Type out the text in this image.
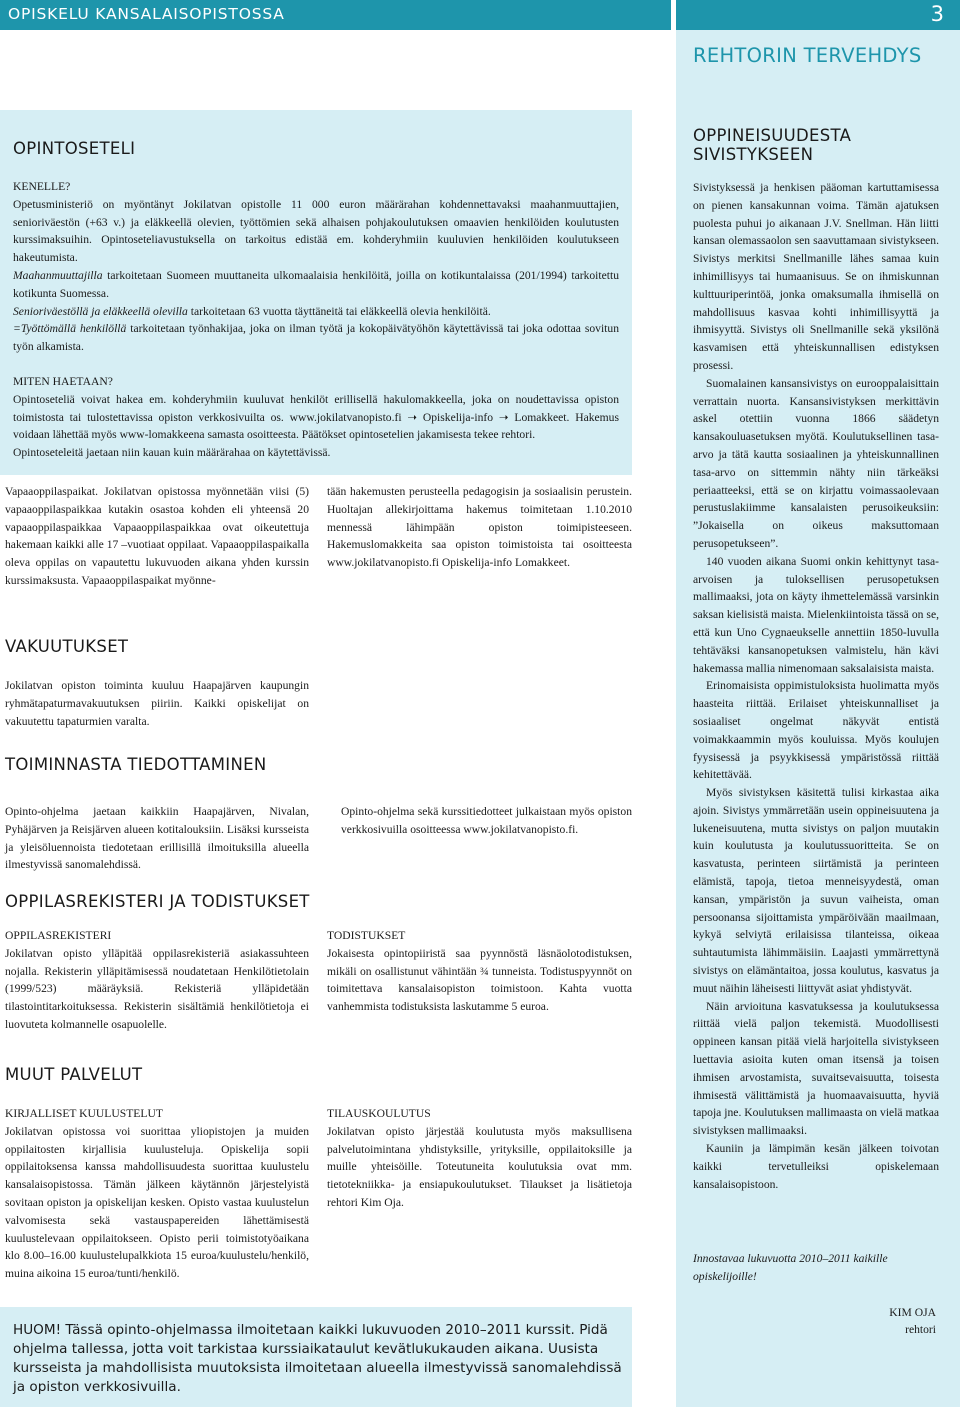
OPISKELU KANSALAISOPISTOSSA	3
REHTORIN TERVEHDYS
OPPINEISUUDESTA
SIVISTYKSEEN

Sivistyksessä ja henkisen pääoman kartuttamisessa on pienen kansakunnan voima. Tämän ajatuksen puolesta puhui jo aikanaan J.V. Snellman. Hän liitti kansan olemassaolon sen saavuttamaan sivistykseen. Sivistys merkitsi Snellmanille lähes samaa kuin inhimillisyys tai humaanisuus. Se on ihmiskunnan kulttuuriperintöä, jonka omaksumalla ihmisellä on mahdollisuus kasvaa kohti inhimillisyyttä ja ihmisyyttä. Sivistys oli Snellmanille sekä yksilönä kasvamisen että yhteiskunnallisen edistyksen prosessi.

Suomalainen kansansivistys on eurooppalaisittain verrattain nuorta. Kansansivistyksen merkittävin askel otettiin vuonna 1866 säädetyn kansakouluasetuksen myötä. Koulutuksellinen tasa-arvo ja tätä kautta sosiaalinen ja yhteiskunnallinen tasa-arvo on sittemmin nähty niin tärkeäksi periaatteeksi, että se on kirjattu voimassaolevaan perustuslakiimme kansalaisten perusoikeuksiin: ”Jokaisella on oikeus maksuttomaan perusopetukseen”.

140 vuoden aikana Suomi onkin kehittynyt tasa-arvoisen ja tuloksellisen perusopetuksen mallimaaksi, jota on käyty ihmettelemässä varsinkin saksan kielisistä maista. Mielenkiintoista tässä on se, että kun Uno Cygnaeukselle annettiin 1850-luvulla tehtäväksi kansanopetuksen valmistelu, hän kävi hakemassa mallia nimenomaan saksalaisista maista.

Erinomaisista oppimistuloksista huolimatta myös haasteita riittää. Erilaiset yhteiskunnalliset ja sosiaaliset ongelmat näkyvät entistä voimakkaammin myös kouluissa. Myös koulujen fyysisessä ja psyykkisessä ympäristössä riittää kehitettävää.

Myös sivistyksen käsitettä tulisi kirkastaa aika ajoin. Sivistys ymmärretään usein oppineisuutena ja lukeneisuutena, mutta sivistys on paljon muutakin kuin koulutusta ja koulutussuoritteita. Se on kasvatusta, perinteen siirtämistä ja perinteen elämistä, tapoja, tietoa menneisyydestä, oman kansan, ympäristön ja suvun vaiheista, oman persoonansa sijoittamista ympäröivään maailmaan, kykyä selviytä erilaisissa tilanteissa, oikeaa suhtautumista lähimmäisiin. Laajasti ymmärrettynä sivistys on elämäntaitoa, jossa koulutus, kasvatus ja muut näihin läheisesti liittyvät asiat yhdistyvät.

Näin arvioituna kasvatuksessa ja koulutuksessa riittää vielä paljon tekemistä. Muodollisesti oppineen kansan pitää vielä harjoitella sivistykseen luettavia asioita kuten oman itsensä ja toisen ihmisen arvostamista, suvaitsevaisuutta, toisesta ihmisestä välittämistä ja huomaavaisuutta, hyviä tapoja jne. Koulutuksen mallimaasta on vielä matkaa sivistyksen mallimaaksi.

Kauniin ja lämpimän kesän jälkeen toivotan kaikki tervetulleiksi opiskelemaan kansalaisopistoon.

Innostavaa lukuvuotta 2010–2011 kaikille opiskelijoille!
KIM OJA
rehtori
OPINTOSETELI

KENELLE?

Opetusministeriö on myöntänyt Jokilatvan opistolle 11 000 euron määrärahan kohdennettavaksi maahanmuuttajien, senioriväestön (+63 v.) ja eläkkeellä olevien, työttömien sekä alhaisen pohjakoulutuksen omaavien henkilöiden koulutusten kurssimaksuihin. Opintoseteliavustuksella on tarkoitus edistää em. kohderyhmiin kuuluvien henkilöiden koulutukseen hakeutumista.

Maahanmuuttajilla tarkoitetaan Suomeen muuttaneita ulkomaalaisia henkilöitä, joilla on kotikuntalaissa (201/1994) tarkoitettu kotikunta Suomessa.

Senioriväestöllä ja eläkkeellä olevilla tarkoitetaan 63 vuotta täyttäneitä tai eläkkeellä olevia henkilöitä.

=Työttömällä henkilöllä tarkoitetaan työnhakijaa, joka on ilman työtä ja kokopäivätyöhön käytettävissä tai joka odottaa sovitun työn alkamista.

MITEN HAETAAN?

Opintoseteliä voivat hakea em. kohderyhmiin kuuluvat henkilöt erillisellä hakulomakkeella, joka on noudettavissa opiston toimistosta tai tulostettavissa opiston verkkosivuilta os. www.jokilatvanopisto.fi ➝ Opiskelija-info ➝ Lomakkeet. Hakemus voidaan lähettää myös www-lomakkeena samasta osoitteesta. Päätökset opintosetelien jakamisesta tekee rehtori.

Opintoseteleitä jaetaan niin kauan kuin määrärahaa on käytettävissä.

Vapaaoppilaspaikat. Jokilatvan opistossa myönnetään viisi (5) vapaaoppilaspaikkaa kutakin osastoa kohden eli yhteensä 20 vapaaoppilaspaikkaa Vapaaoppilaspaikkaa ovat oikeutettuja hakemaan kaikki alle 17 –vuotiaat oppilaat. Vapaaoppilaspaikalla oleva oppilas on vapautettu lukuvuoden aikana yhden kurssin kurssimaksusta. Vapaaoppilaspaikat myönne-

tään hakemusten perusteella pedagogisin ja sosiaalisin perustein. Huoltajan allekirjoittama hakemus toimitetaan 1.10.2010 mennessä lähimpään opiston toimipisteeseen. Hakemuslomakkeita saa opiston toimistoista tai osoitteesta www.jokilatvanopisto.fi Opiskelija-info Lomakkeet.

VAKUUTUKSET

Jokilatvan opiston toiminta kuuluu Haapajärven kaupungin ryhmätapaturmavakuutuksen piiriin. Kaikki opiskelijat on vakuutettu tapaturmien varalta.

TOIMINNASTA TIEDOTTAMINEN

Opinto-ohjelma jaetaan kaikkiin Haapajärven, Nivalan, Pyhäjärven ja Reisjärven alueen kotitalouksiin. Lisäksi kursseista ja yleisöluennoista tiedotetaan erillisillä ilmoituksilla alueella ilmestyvissä sanomalehdissä.

Opinto-ohjelma sekä kurssitiedotteet julkaistaan myös opiston verkkosivuilla osoitteessa www.jokilatvanopisto.fi.

OPPILASREKISTERI JA TODISTUKSET

OPPILASREKISTERI

Jokilatvan opisto ylläpitää oppilasrekisteriä asiakassuhteen nojalla. Rekisterin ylläpitämisessä noudatetaan Henkilötietolain (1999/523) määräyksiä. Rekisteriä ylläpidetään tilastointitarkoituksessa. Rekisterin sisältämiä henkilötietoja ei luovuteta kolmannelle osapuolelle.

TODISTUKSET

Jokaisesta opintopiiristä saa pyynnöstä läsnäolotodistuksen, mikäli on osallistunut vähintään ¾ tunneista. Todistuspyynnöt on toimitettava kansalaisopiston toimistoon. Kahta vuotta vanhemmista todistuksista laskutamme 5 euroa.

MUUT PALVELUT

KIRJALLISET KUULUSTELUT

Jokilatvan opistossa voi suorittaa yliopistojen ja muiden oppilaitosten kirjallisia kuulusteluja. Opiskelija sopii oppilaitoksensa kanssa mahdollisuudesta suorittaa kuulustelu kansalaisopistossa. Tämän jälkeen käytännön järjestelyistä sovitaan opiston ja opiskelijan kesken. Opisto vastaa kuulustelun valvomisesta sekä vastauspapereiden lähettämisestä kuulustelevaan oppilaitokseen. Opisto perii toimistotyöaikana klo 8.00–16.00 kuulustelupalkkiota 15 euroa/kuulustelu/henkilö, muina aikoina 15 euroa/tunti/henkilö.

TILAUSKOULUTUS

Jokilatvan opisto järjestää koulutusta myös maksullisena palvelutoimintana yhdistyksille, yrityksille, oppilaitoksille ja muille yhteisöille. Toteutuneita koulutuksia ovat mm. tietotekniikka- ja ensiapukoulutukset. Tilaukset ja lisätietoja rehtori Kim Oja.

HUOM! Tässä opinto-ohjelmassa ilmoitetaan kaikki lukuvuoden 2010–2011 kurssit. Pidä ohjelma tallessa, jotta voit tarkistaa kurssiaikataulut kevätlukukauden aikana. Uusista kursseista ja mahdollisista muutoksista ilmoitetaan alueella ilmestyvissä sanomalehdissä ja opiston verkkosivuilla.
